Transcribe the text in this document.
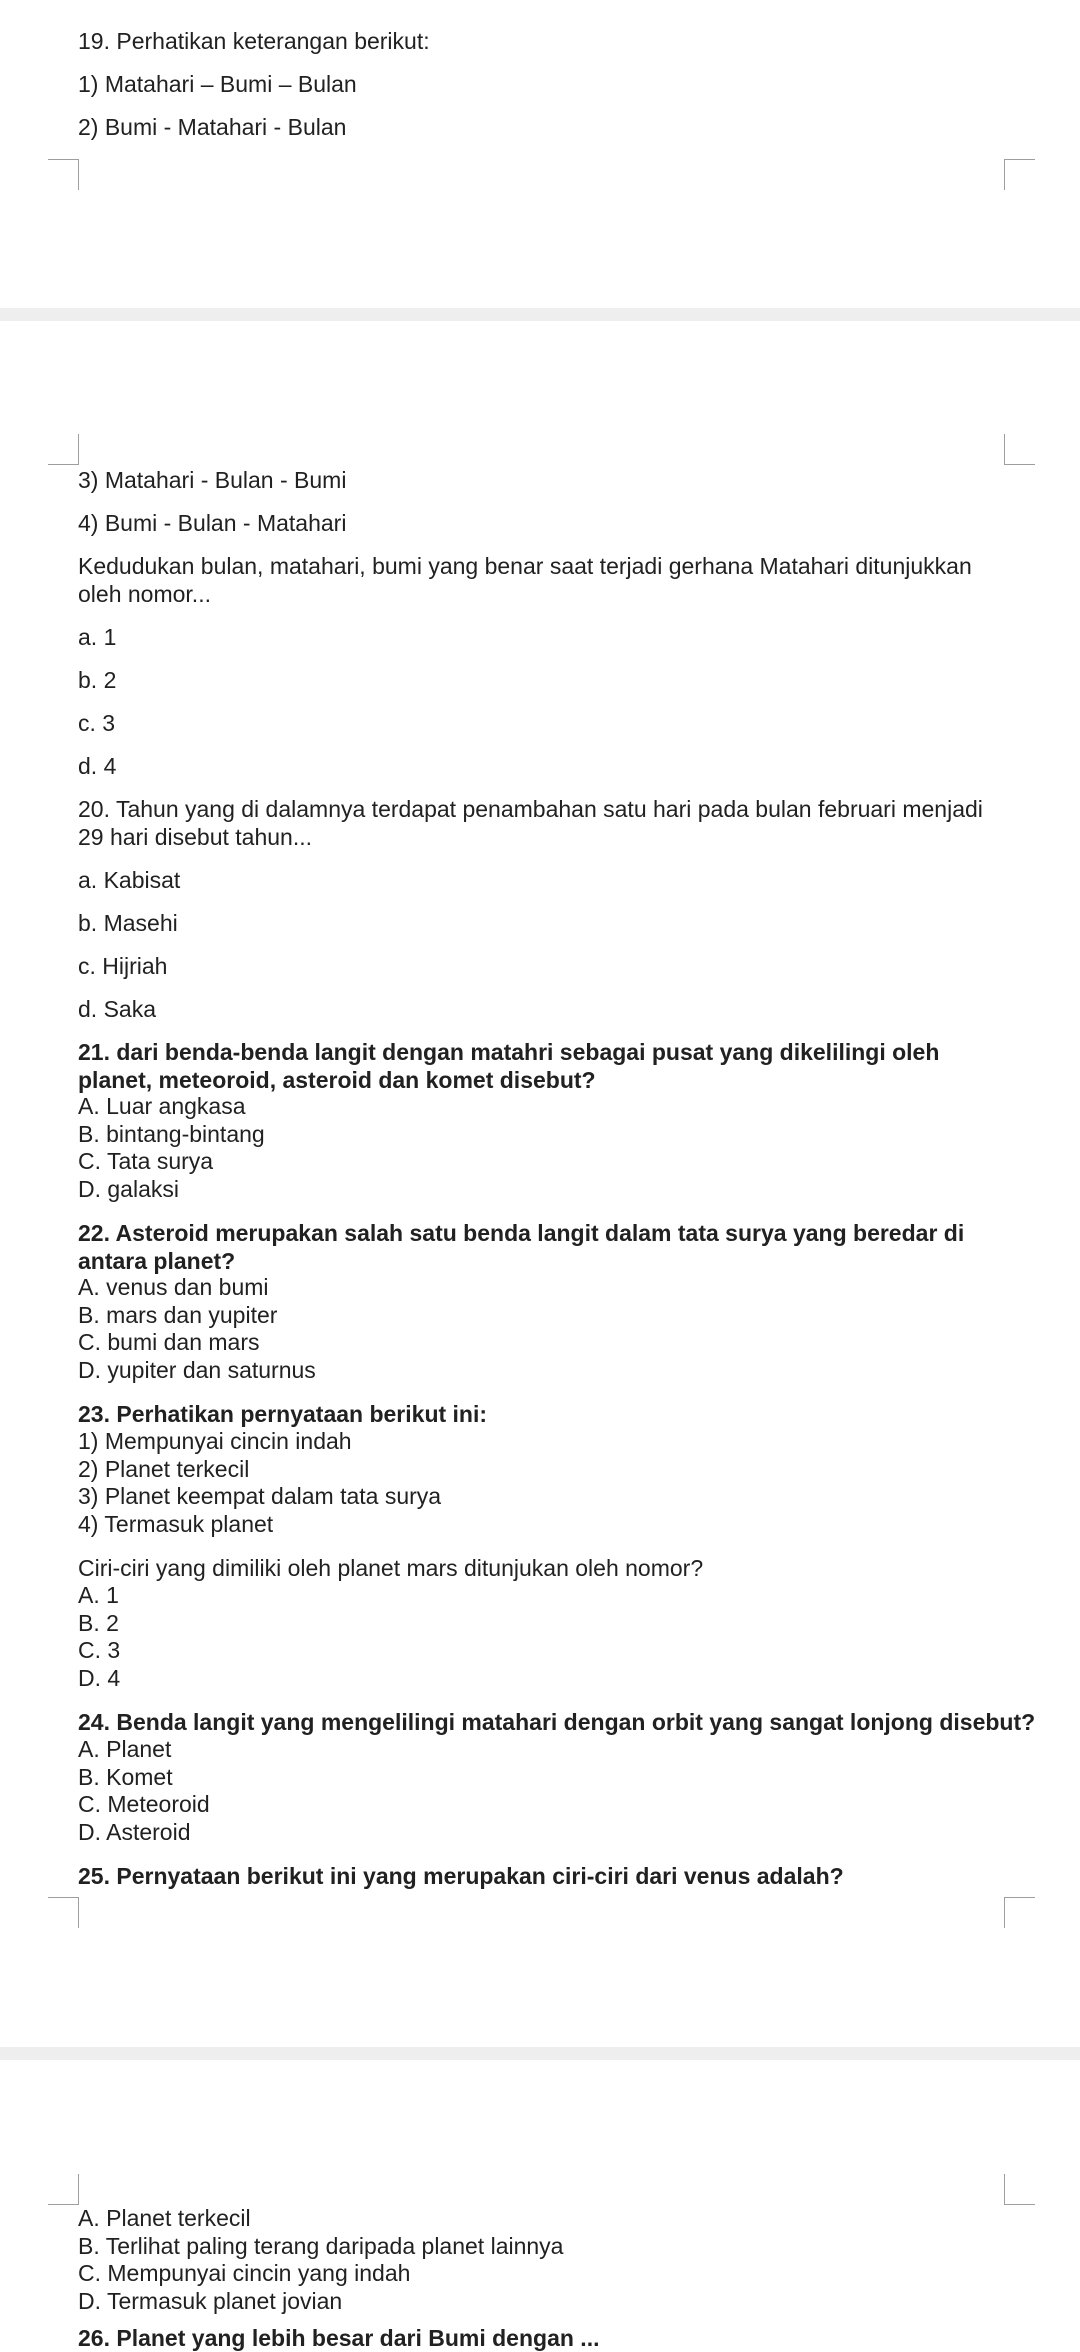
19. Perhatikan keterangan berikut:
1) Matahari – Bumi – Bulan
2) Bumi - Matahari - Bulan
3) Matahari - Bulan - Bumi
4) Bumi - Bulan - Matahari
Kedudukan bulan, matahari, bumi yang benar saat terjadi gerhana Matahari ditunjukkan oleh nomor...
a. 1
b. 2
c. 3
d. 4
20. Tahun yang di dalamnya terdapat penambahan satu hari pada bulan februari menjadi 29 hari disebut tahun...
a. Kabisat
b. Masehi
c. Hijriah
d. Saka
21. dari benda-benda langit dengan matahri sebagai pusat yang dikelilingi oleh planet, meteoroid, asteroid dan komet disebut?
A. Luar angkasa
B. bintang-bintang
C. Tata surya
D. galaksi
22. Asteroid merupakan salah satu benda langit dalam tata surya yang beredar di antara planet?
A. venus dan bumi
B. mars dan yupiter
C. bumi dan mars
D. yupiter dan saturnus
23. Perhatikan pernyataan berikut ini:
1) Mempunyai cincin indah
2) Planet terkecil
3) Planet keempat dalam tata surya
4) Termasuk planet
Ciri-ciri yang dimiliki oleh planet mars ditunjukan oleh nomor?
A. 1
B. 2
C. 3
D. 4
24. Benda langit yang mengelilingi matahari dengan orbit yang sangat lonjong disebut?
A. Planet
B. Komet
C. Meteoroid
D. Asteroid
25. Pernyataan berikut ini yang merupakan ciri-ciri dari venus adalah?
A. Planet terkecil
B. Terlihat paling terang daripada planet lainnya
C. Mempunyai cincin yang indah
D. Termasuk planet jovian
26. Planet yang lebih besar dari Bumi dengan ...
